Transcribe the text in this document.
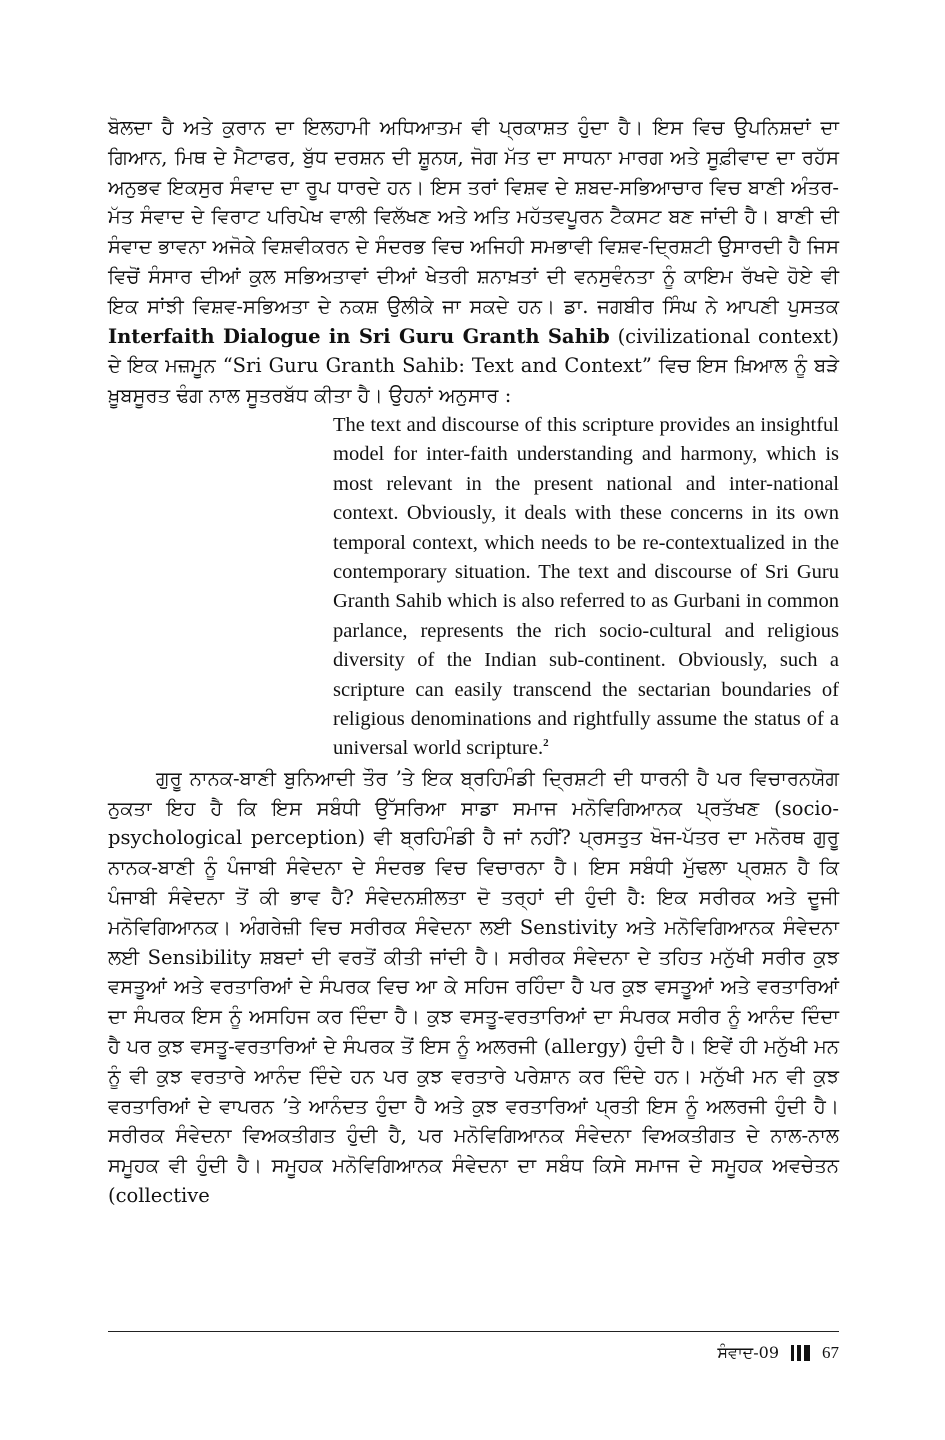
ਬੋਲਦਾ ਹੈ ਅਤੇ ਕੁਰਾਨ ਦਾ ਇਲਹਾਮੀ ਅਧਿਆਤਮ ਵੀ ਪ੍ਰਕਾਸ਼ਤ ਹੁੰਦਾ ਹੈ। ਇਸ ਵਿਚ ਉਪਨਿਸ਼ਦਾਂ ਦਾ ਗਿਆਨ, ਮਿਥ ਦੇ ਮੈਟਾਫਰ, ਬੁੱਧ ਦਰਸ਼ਨ ਦੀ ਸ਼ੂਨਯ, ਜੋਗ ਮੱਤ ਦਾ ਸਾਧਨਾ ਮਾਰਗ ਅਤੇ ਸੂਫ਼ੀਵਾਦ ਦਾ ਰਹੱਸ ਅਨੁਭਵ ਇਕਸੁਰ ਸੰਵਾਦ ਦਾ ਰੂਪ ਧਾਰਦੇ ਹਨ। ਇਸ ਤਰਾਂ ਵਿਸ਼ਵ ਦੇ ਸ਼ਬਦ-ਸਭਿਆਚਾਰ ਵਿਚ ਬਾਣੀ ਅੰਤਰ-ਮੱਤ ਸੰਵਾਦ ਦੇ ਵਿਰਾਟ ਪਰਿਪੇਖ ਵਾਲੀ ਵਿਲੱਖਣ ਅਤੇ ਅਤਿ ਮਹੱਤਵਪੂਰਨ ਟੈਕਸਟ ਬਣ ਜਾਂਦੀ ਹੈ। ਬਾਣੀ ਦੀ ਸੰਵਾਦ ਭਾਵਨਾ ਅਜੋਕੇ ਵਿਸ਼ਵੀਕਰਨ ਦੇ ਸੰਦਰਭ ਵਿਚ ਅਜਿਹੀ ਸਮਭਾਵੀ ਵਿਸ਼ਵ-ਦ੍ਰਿਸ਼ਟੀ ਉਸਾਰਦੀ ਹੈ ਜਿਸ ਵਿਚੋਂ ਸੰਸਾਰ ਦੀਆਂ ਕੁਲ ਸਭਿਅਤਾਵਾਂ ਦੀਆਂ ਖੇਤਰੀ ਸ਼ਨਾਖ਼ਤਾਂ ਦੀ ਵਨਸੁਵੰਨਤਾ ਨੂੰ ਕਾਇਮ ਰੱਖਦੇ ਹੋਏ ਵੀ ਇਕ ਸਾਂਝੀ ਵਿਸ਼ਵ-ਸਭਿਅਤਾ ਦੇ ਨਕਸ਼ ਉਲੀਕੇ ਜਾ ਸਕਦੇ ਹਨ। ਡਾ. ਜਗਬੀਰ ਸਿੰਘ ਨੇ ਆਪਣੀ ਪੁਸਤਕ Interfaith Dialogue in Sri Guru Granth Sahib (civilizational context) ਦੇ ਇਕ ਮਜ਼ਮੂਨ “Sri Guru Granth Sahib: Text and Context” ਵਿਚ ਇਸ ਖ਼ਿਆਲ ਨੂੰ ਬੜੇ ਖ਼ੂਬਸੂਰਤ ਢੰਗ ਨਾਲ ਸੂਤਰਬੱਧ ਕੀਤਾ ਹੈ। ਉਹਨਾਂ ਅਨੁਸਾਰ :

The text and discourse of this scripture provides an insightful model for inter-faith understanding and harmony, which is most relevant in the present national and inter-national context. Obviously, it deals with these concerns in its own temporal context, which needs to be re-contextualized in the contemporary situation. The text and discourse of Sri Guru Granth Sahib which is also referred to as Gurbani in common parlance, represents the rich socio-cultural and religious diversity of the Indian sub-continent. Obviously, such a scripture can easily transcend the sectarian boundaries of religious denominations and rightfully assume the status of a universal world scripture.$^2$

ਗੁਰੂ ਨਾਨਕ-ਬਾਣੀ ਬੁਨਿਆਦੀ ਤੌਰ ’ਤੇ ਇਕ ਬ੍ਰਹਿਮੰਡੀ ਦ੍ਰਿਸ਼ਟੀ ਦੀ ਧਾਰਨੀ ਹੈ ਪਰ ਵਿਚਾਰਨਯੋਗ ਨੁਕਤਾ ਇਹ ਹੈ ਕਿ ਇਸ ਸਬੰਧੀ ਉੱਸਰਿਆ ਸਾਡਾ ਸਮਾਜ ਮਨੋਵਿਗਿਆਨਕ ਪ੍ਰਤੱਖਣ (socio-psychological perception) ਵੀ ਬ੍ਰਹਿਮੰਡੀ ਹੈ ਜਾਂ ਨਹੀਂ? ਪ੍ਰਸਤੁਤ ਖੋਜ-ਪੱਤਰ ਦਾ ਮਨੋਰਥ ਗੁਰੂ ਨਾਨਕ-ਬਾਣੀ ਨੂੰ ਪੰਜਾਬੀ ਸੰਵੇਦਨਾ ਦੇ ਸੰਦਰਭ ਵਿਚ ਵਿਚਾਰਨਾ ਹੈ। ਇਸ ਸਬੰਧੀ ਮੁੱਢਲਾ ਪ੍ਰਸ਼ਨ ਹੈ ਕਿ ਪੰਜਾਬੀ ਸੰਵੇਦਨਾ ਤੋਂ ਕੀ ਭਾਵ ਹੈ? ਸੰਵੇਦਨਸ਼ੀਲਤਾ ਦੋ ਤਰ੍ਹਾਂ ਦੀ ਹੁੰਦੀ ਹੈ: ਇਕ ਸਰੀਰਕ ਅਤੇ ਦੂਜੀ ਮਨੋਵਿਗਿਆਨਕ। ਅੰਗਰੇਜ਼ੀ ਵਿਚ ਸਰੀਰਕ ਸੰਵੇਦਨਾ ਲਈ Senstivity ਅਤੇ ਮਨੋਵਿਗਿਆਨਕ ਸੰਵੇਦਨਾ ਲਈ Sensibility ਸ਼ਬਦਾਂ ਦੀ ਵਰਤੋਂ ਕੀਤੀ ਜਾਂਦੀ ਹੈ। ਸਰੀਰਕ ਸੰਵੇਦਨਾ ਦੇ ਤਹਿਤ ਮਨੁੱਖੀ ਸਰੀਰ ਕੁਝ ਵਸਤੂਆਂ ਅਤੇ ਵਰਤਾਰਿਆਂ ਦੇ ਸੰਪਰਕ ਵਿਚ ਆ ਕੇ ਸਹਿਜ ਰਹਿੰਦਾ ਹੈ ਪਰ ਕੁਝ ਵਸਤੂਆਂ ਅਤੇ ਵਰਤਾਰਿਆਂ ਦਾ ਸੰਪਰਕ ਇਸ ਨੂੰ ਅਸਹਿਜ ਕਰ ਦਿੰਦਾ ਹੈ। ਕੁਝ ਵਸਤੂ-ਵਰਤਾਰਿਆਂ ਦਾ ਸੰਪਰਕ ਸਰੀਰ ਨੂੰ ਆਨੰਦ ਦਿੰਦਾ ਹੈ ਪਰ ਕੁਝ ਵਸਤੂ-ਵਰਤਾਰਿਆਂ ਦੇ ਸੰਪਰਕ ਤੋਂ ਇਸ ਨੂੰ ਅਲਰਜੀ (allergy) ਹੁੰਦੀ ਹੈ। ਇਵੇਂ ਹੀ ਮਨੁੱਖੀ ਮਨ ਨੂੰ ਵੀ ਕੁਝ ਵਰਤਾਰੇ ਆਨੰਦ ਦਿੰਦੇ ਹਨ ਪਰ ਕੁਝ ਵਰਤਾਰੇ ਪਰੇਸ਼ਾਨ ਕਰ ਦਿੰਦੇ ਹਨ। ਮਨੁੱਖੀ ਮਨ ਵੀ ਕੁਝ ਵਰਤਾਰਿਆਂ ਦੇ ਵਾਪਰਨ ’ਤੇ ਆਨੰਦਤ ਹੁੰਦਾ ਹੈ ਅਤੇ ਕੁਝ ਵਰਤਾਰਿਆਂ ਪ੍ਰਤੀ ਇਸ ਨੂੰ ਅਲਰਜੀ ਹੁੰਦੀ ਹੈ। ਸਰੀਰਕ ਸੰਵੇਦਨਾ ਵਿਅਕਤੀਗਤ ਹੁੰਦੀ ਹੈ, ਪਰ ਮਨੋਵਿਗਿਆਨਕ ਸੰਵੇਦਨਾ ਵਿਅਕਤੀਗਤ ਦੇ ਨਾਲ-ਨਾਲ ਸਮੂਹਕ ਵੀ ਹੁੰਦੀ ਹੈ। ਸਮੂਹਕ ਮਨੋਵਿਗਿਆਨਕ ਸੰਵੇਦਨਾ ਦਾ ਸਬੰਧ ਕਿਸੇ ਸਮਾਜ ਦੇ ਸਮੂਹਕ ਅਵਚੇਤਨ (collective

ਸੰਵਾਦ-09	67
